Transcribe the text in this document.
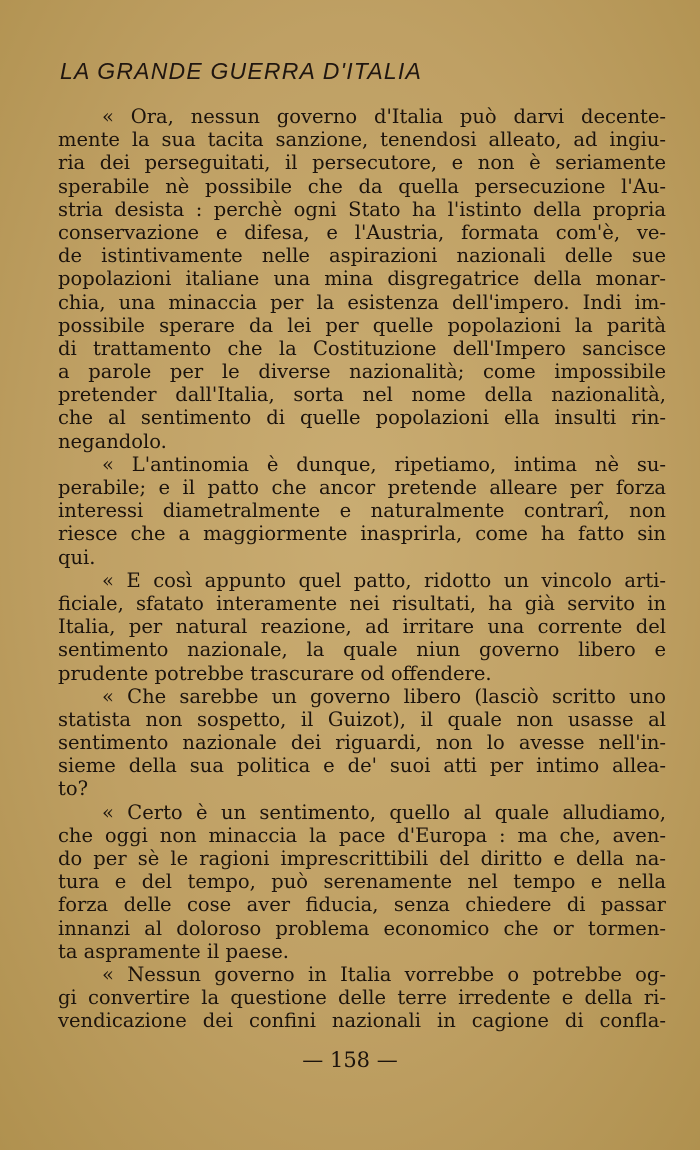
LA GRANDE GUERRA D'ITALIA
« Ora, nessun governo d'Italia può darvi decente-
mente la sua tacita sanzione, tenendosi alleato, ad ingiu-
ria dei perseguitati, il persecutore, e non è seriamente
sperabile nè possibile che da quella persecuzione l'Au-
stria desista : perchè ogni Stato ha l'istinto della propria
conservazione e difesa, e l'Austria, formata com'è, ve-
de istintivamente nelle aspirazioni nazionali delle sue
popolazioni italiane una mina disgregatrice della monar-
chia, una minaccia per la esistenza dell'impero. Indi im-
possibile sperare da lei per quelle popolazioni la parità
di trattamento che la Costituzione dell'Impero sancisce
a parole per le diverse nazionalità; come impossibile
pretender dall'Italia, sorta nel nome della nazionalità,
che al sentimento di quelle popolazioni ella insulti rin-
negandolo.
« L'antinomia è dunque, ripetiamo, intima nè su-
perabile; e il patto che ancor pretende alleare per forza
interessi diametralmente e naturalmente contrarî, non
riesce che a maggiormente inasprirla, come ha fatto sin
qui.
« E così appunto quel patto, ridotto un vincolo arti-
ficiale, sfatato interamente nei risultati, ha già servito in
Italia, per natural reazione, ad irritare una corrente del
sentimento nazionale, la quale niun governo libero e
prudente potrebbe trascurare od offendere.
« Che sarebbe un governo libero (lasciò scritto uno
statista non sospetto, il Guizot), il quale non usasse al
sentimento nazionale dei riguardi, non lo avesse nell'in-
sieme della sua politica e de' suoi atti per intimo allea-
to?
« Certo è un sentimento, quello al quale alludiamo,
che oggi non minaccia la pace d'Europa : ma che, aven-
do per sè le ragioni imprescrittibili del diritto e della na-
tura e del tempo, può serenamente nel tempo e nella
forza delle cose aver fiducia, senza chiedere di passar
innanzi al doloroso problema economico che or tormen-
ta aspramente il paese.
« Nessun governo in Italia vorrebbe o potrebbe og-
gi convertire la questione delle terre irredente e della ri-
vendicazione dei confini nazionali in cagione di confla-
— 158 —
